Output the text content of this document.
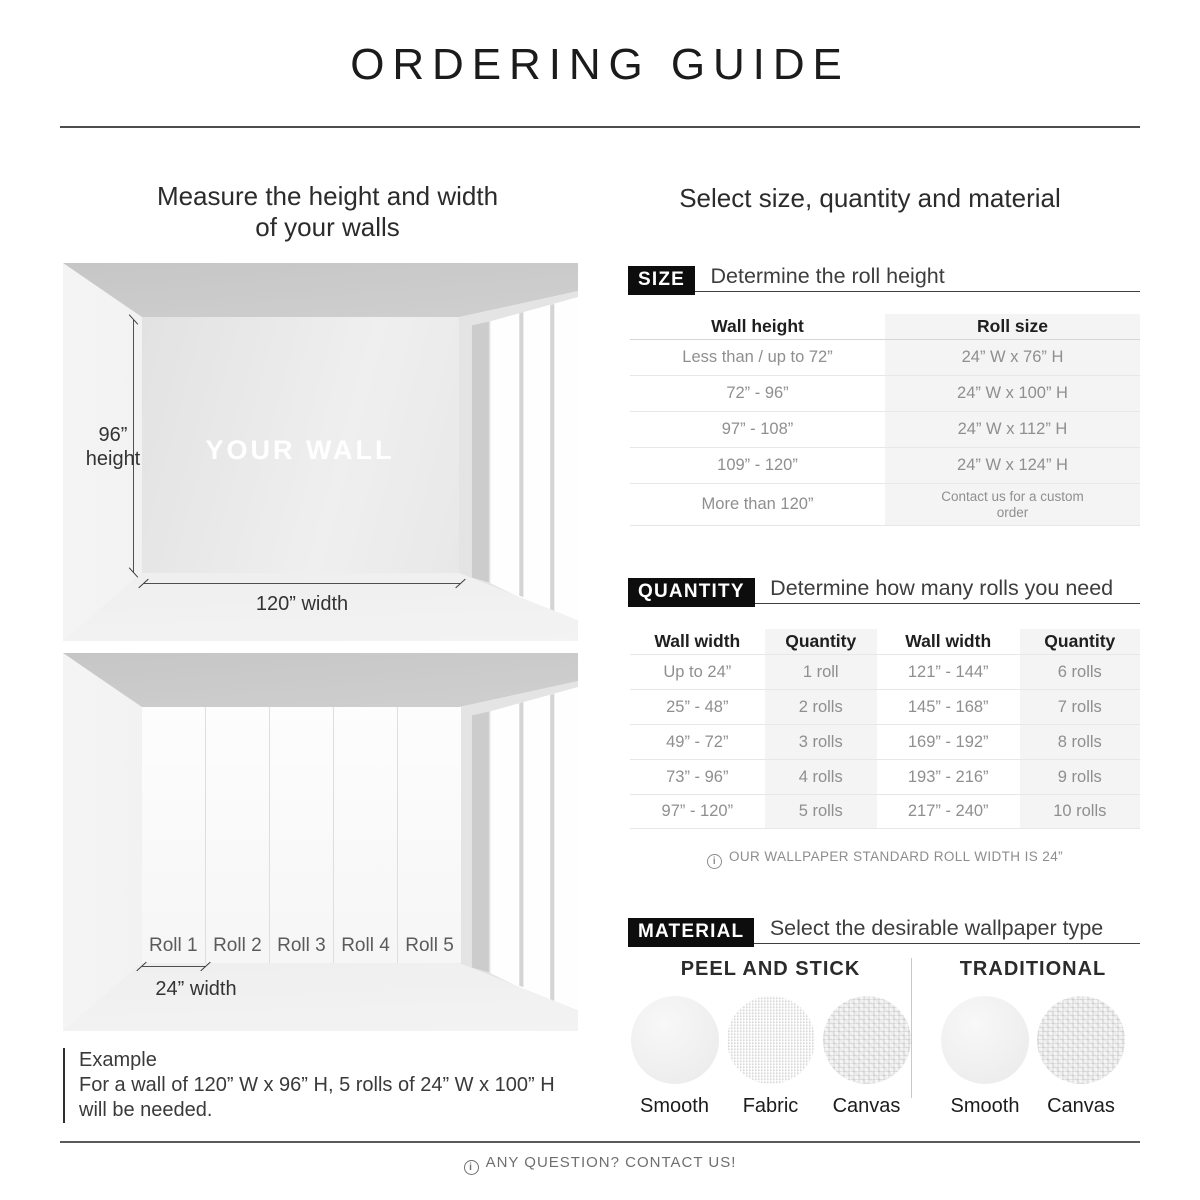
ORDERING GUIDE
Measure the height and width
of your walls
YOUR WALL
96”
height
120” width
Roll 1 Roll 2 Roll 3 Roll 4 Roll 5
24” width
Example
For a wall of 120” W x 96” H, 5 rolls of 24” W x 100” H
will be needed.
Select size, quantity and material
SIZE Determine the roll height
Wall height	Roll size
Less than / up to 72”	24” W x 76” H
72” - 96”	24” W x 100” H
97” - 108”	24” W x 112” H
109” - 120”	24” W x 124” H
More than 120”	Contact us for a custom order
QUANTITY Determine how many rolls you need
Wall width	Quantity	Wall width	Quantity
Up to 24”	1 roll	121” - 144”	6 rolls
25” - 48”	2 rolls	145” - 168”	7 rolls
49” - 72”	3 rolls	169” - 192”	8 rolls
73” - 96”	4 rolls	193” - 216”	9 rolls
97” - 120”	5 rolls	217” - 240”	10 rolls
i OUR WALLPAPER STANDARD ROLL WIDTH IS 24”
MATERIAL Select the desirable wallpaper type
PEEL AND STICK
Smooth	Fabric	Canvas
TRADITIONAL
Smooth	Canvas
i ANY QUESTION? CONTACT US!
